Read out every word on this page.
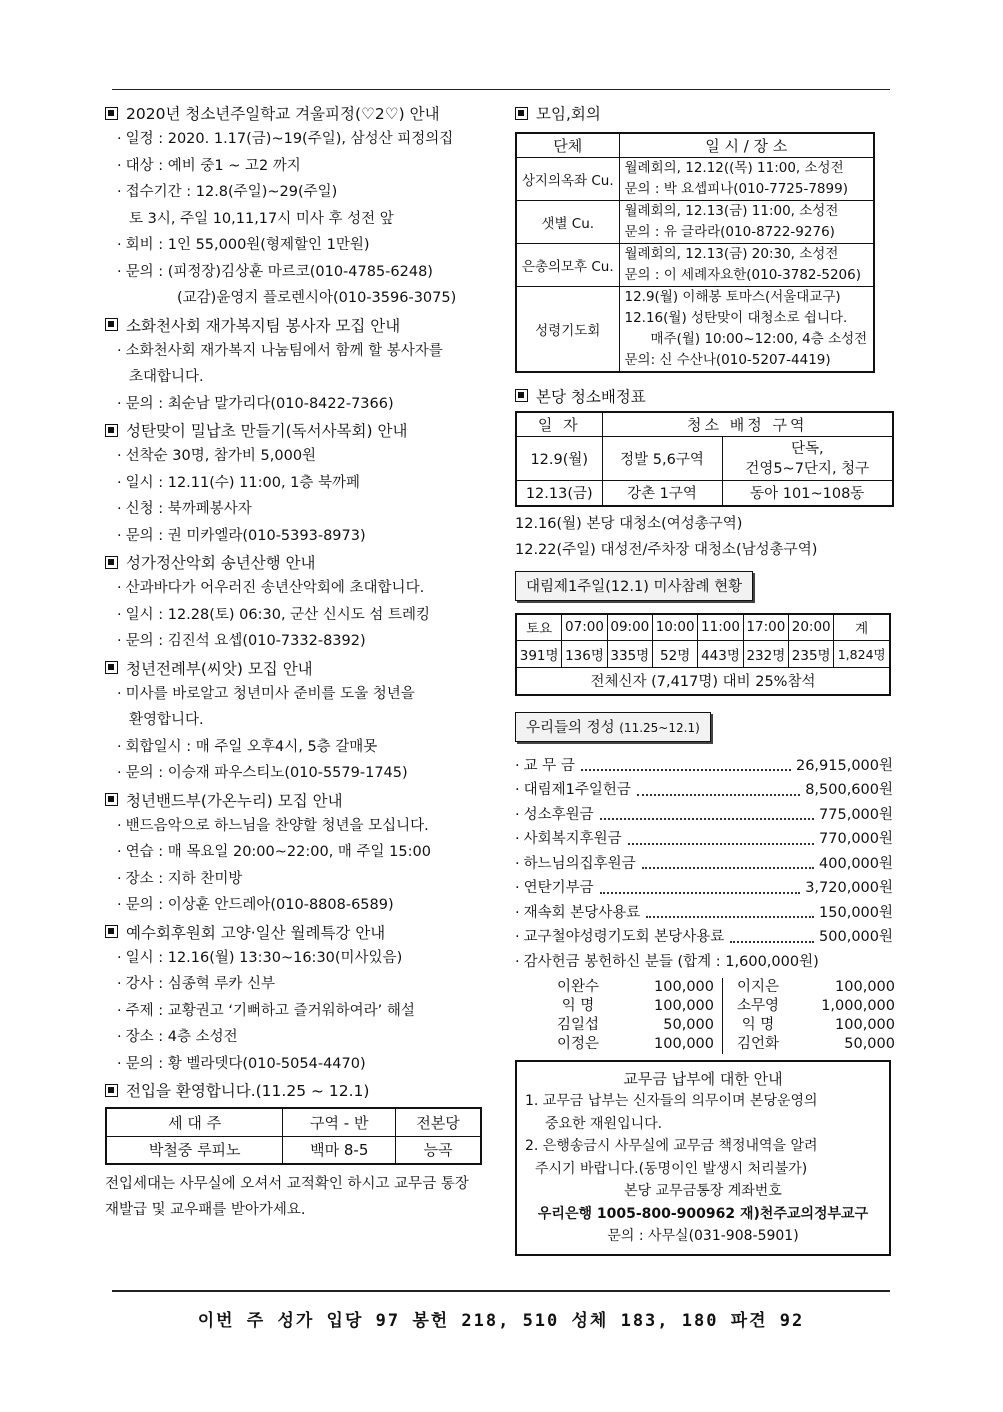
2020년 청소년주일학교 겨울피정(♡2♡) 안내
· 일정 : 2020. 1.17(금)~19(주일), 삼성산 피정의집
· 대상 : 예비 중1 ~ 고2 까지
· 접수기간 : 12.8(주일)~29(주일)
토 3시, 주일 10,11,17시 미사 후 성전 앞
· 회비 : 1인 55,000원(형제할인 1만원)
· 문의 : (피정장)김상훈 마르코(010-4785-6248)
(교감)윤영지 플로렌시아(010-3596-3075)
소화천사회 재가복지팀 봉사자 모집 안내
· 소화천사회 재가복지 나눔팀에서 함께 할 봉사자를
초대합니다.
· 문의 : 최순남 말가리다(010-8422-7366)
성탄맞이 밀납초 만들기(독서사목회) 안내
· 선착순 30명, 참가비 5,000원
· 일시 : 12.11(수) 11:00, 1층 북까페
· 신청 : 북까페봉사자
· 문의 : 권 미카엘라(010-5393-8973)
성가정산악회 송년산행 안내
· 산과바다가 어우러진 송년산악회에 초대합니다.
· 일시 : 12.28(토) 06:30, 군산 신시도 섬 트레킹
· 문의 : 김진석 요셉(010-7332-8392)
청년전례부(씨앗) 모집 안내
· 미사를 바로알고 청년미사 준비를 도울 청년을
환영합니다.
· 회합일시 : 매 주일 오후4시, 5층 갈매못
· 문의 : 이승재 파우스티노(010-5579-1745)
청년밴드부(가온누리) 모집 안내
· 밴드음악으로 하느님을 찬양할 청년을 모십니다.
· 연습 : 매 목요일 20:00~22:00, 매 주일 15:00
· 장소 : 지하 찬미방
· 문의 : 이상훈 안드레아(010-8808-6589)
예수회후원회 고양·일산 월례특강 안내
· 일시 : 12.16(월) 13:30~16:30(미사있음)
· 강사 : 심종혁 루카 신부
· 주제 : 교황권고 ‘기뻐하고 즐거워하여라’ 해설
· 장소 : 4층 소성전
· 문의 : 황 벨라뎃다(010-5054-4470)
전입을 환영합니다.(11.25 ~ 12.1)
세 대 주	구역 - 반	전본당
박철중 루피노	백마 8-5	능곡
전입세대는 사무실에 오셔서 교적확인 하시고 교무금 통장
재발급 및 교우패를 받아가세요.
모임,회의
단체	일 시 / 장 소
상지의옥좌 Cu.	월례회의, 12.12((목) 11:00, 소성전
문의 : 박 요셉피나(010-7725-7899)

샛별 Cu.	월례회의, 12.13(금) 11:00, 소성전
문의 : 유 글라라(010-8722-9276)

은총의모후 Cu.	월례회의, 12.13(금) 20:30, 소성전
문의 : 이 세례자요한(010-3782-5206)

성령기도회	12.9(월) 이해봉 토마스(서울대교구)
12.16(월) 성탄맞이 대청소로 쉽니다.
매주(월) 10:00~12:00, 4층 소성전
문의: 신 수산나(010-5207-4419)
본당 청소배정표
일 자	청소 배정 구역	
12.9(월)	정발 5,6구역	단독,
건영5~7단지, 청구

12.13(금)	강촌 1구역	동아 101~108동
12.16(월) 본당 대청소(여성총구역)
12.22(주일) 대성전/주차장 대청소(남성총구역)
대림제1주일(12.1) 미사참례 현황
토요	07:00	09:00	10:00	11:00	17:00	20:00	계
391명	136명	335명	52명	443명	232명	235명	1,824명
전체신자 (7,417명) 대비 25%참석							
우리들의 정성 (11.25~12.1)
· 교 무 금	26,915,000원
· 대림제1주일헌금	8,500,600원
· 성소후원금	775,000원
· 사회복지후원금	770,000원
· 하느님의집후원금	400,000원
· 연탄기부금	3,720,000원
· 재속회 본당사용료	150,000원
· 교구철야성령기도회 본당사용료	500,000원
· 감사헌금 봉헌하신 분들 (합계 : 1,600,000원)
이완수	100,000	이지은	100,000
익 명	100,000	소무영	1,000,000
김일섭	50,000	익 명	100,000
이정은	100,000	김언화	50,000
교무금 납부에 대한 안내
1. 교무금 납부는 신자들의 의무이며 본당운영의
중요한 재원입니다.
2. 은행송금시 사무실에 교무금 책정내역을 알려
주시기 바랍니다.(동명이인 발생시 처리불가)
본당 교무금통장 계좌번호
우리은행 1005-800-900962 재)천주교의정부교구
문의 : 사무실(031-908-5901)
이번 주 성가 입당 97 봉헌 218, 510 성체 183, 180 파견 92
